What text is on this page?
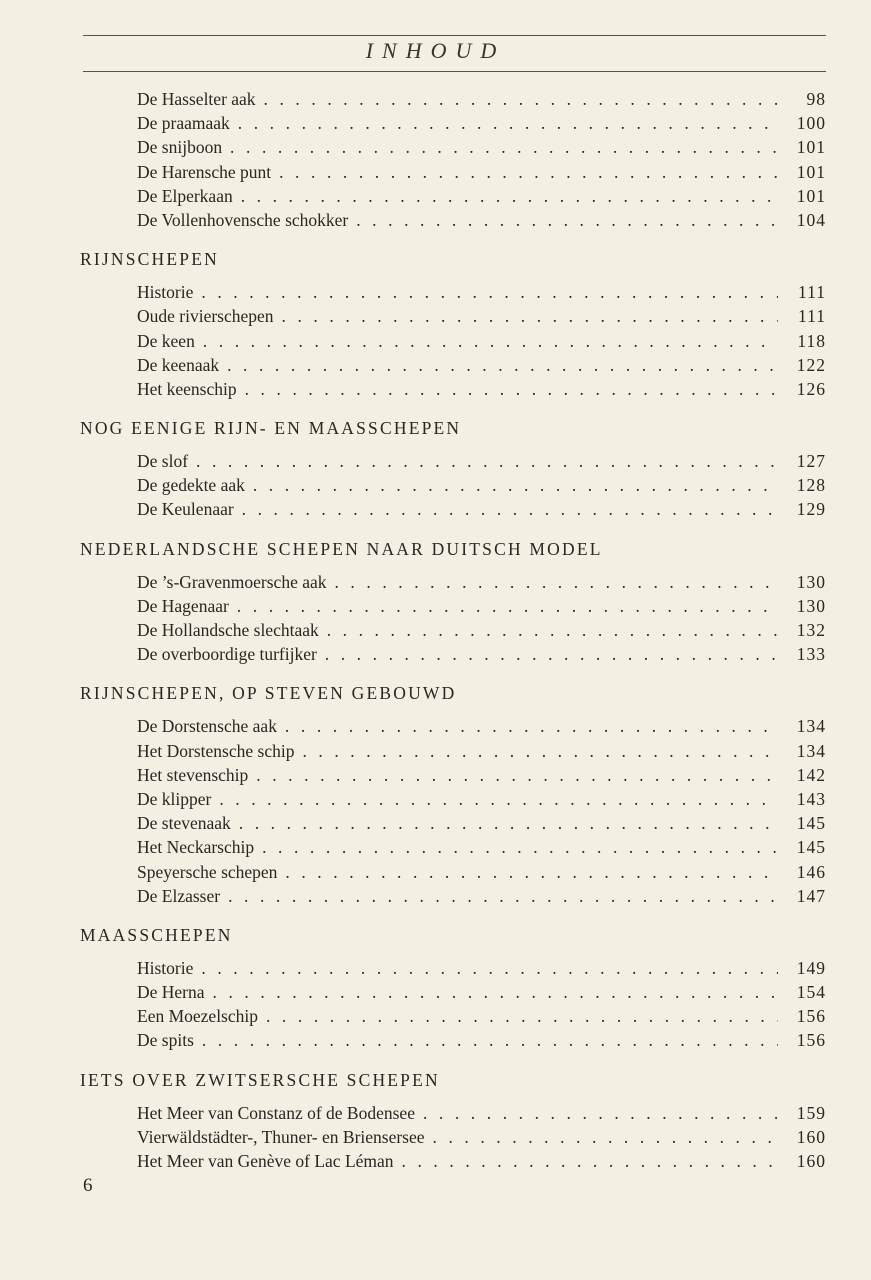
INHOUD
De Hasselter aak . . .	98
De praamaak . . .	100
De snijboon . . .	101
De Harensche punt . . .	101
De Elperkaan . . .	101
De Vollenhovensche schokker . . .	104
RIJNSCHEPEN
Historie . . .	111
Oude rivierschepen . . .	111
De keen . . .	118
De keenaak . . .	122
Het keenschip . . .	126
NOG EENIGE RIJN- EN MAASSCHEPEN
De slof . . .	127
De gedekte aak . . .	128
De Keulenaar . . .	129
NEDERLANDSCHE SCHEPEN NAAR DUITSCH MODEL
De ’s-Gravenmoersche aak . . .	130
De Hagenaar . . .	130
De Hollandsche slechtaak . . .	132
De overboordige turfijker . . .	133
RIJNSCHEPEN, OP STEVEN GEBOUWD
De Dorstensche aak . . .	134
Het Dorstensche schip . . .	134
Het stevenschip . . .	142
De klipper . . .	143
De stevenaak . . .	145
Het Neckarschip . . .	145
Speyersche schepen . . .	146
De Elzasser . . .	147
MAASSCHEPEN
Historie . . .	149
De Herna . . .	154
Een Moezelschip . . .	156
De spits . . .	156
IETS OVER ZWITSERSCHE SCHEPEN
Het Meer van Constanz of de Bodensee . . .	159
Vierwäldstädter-, Thuner- en Briensersee . . .	160
Het Meer van Genève of Lac Léman . . .	160
6
